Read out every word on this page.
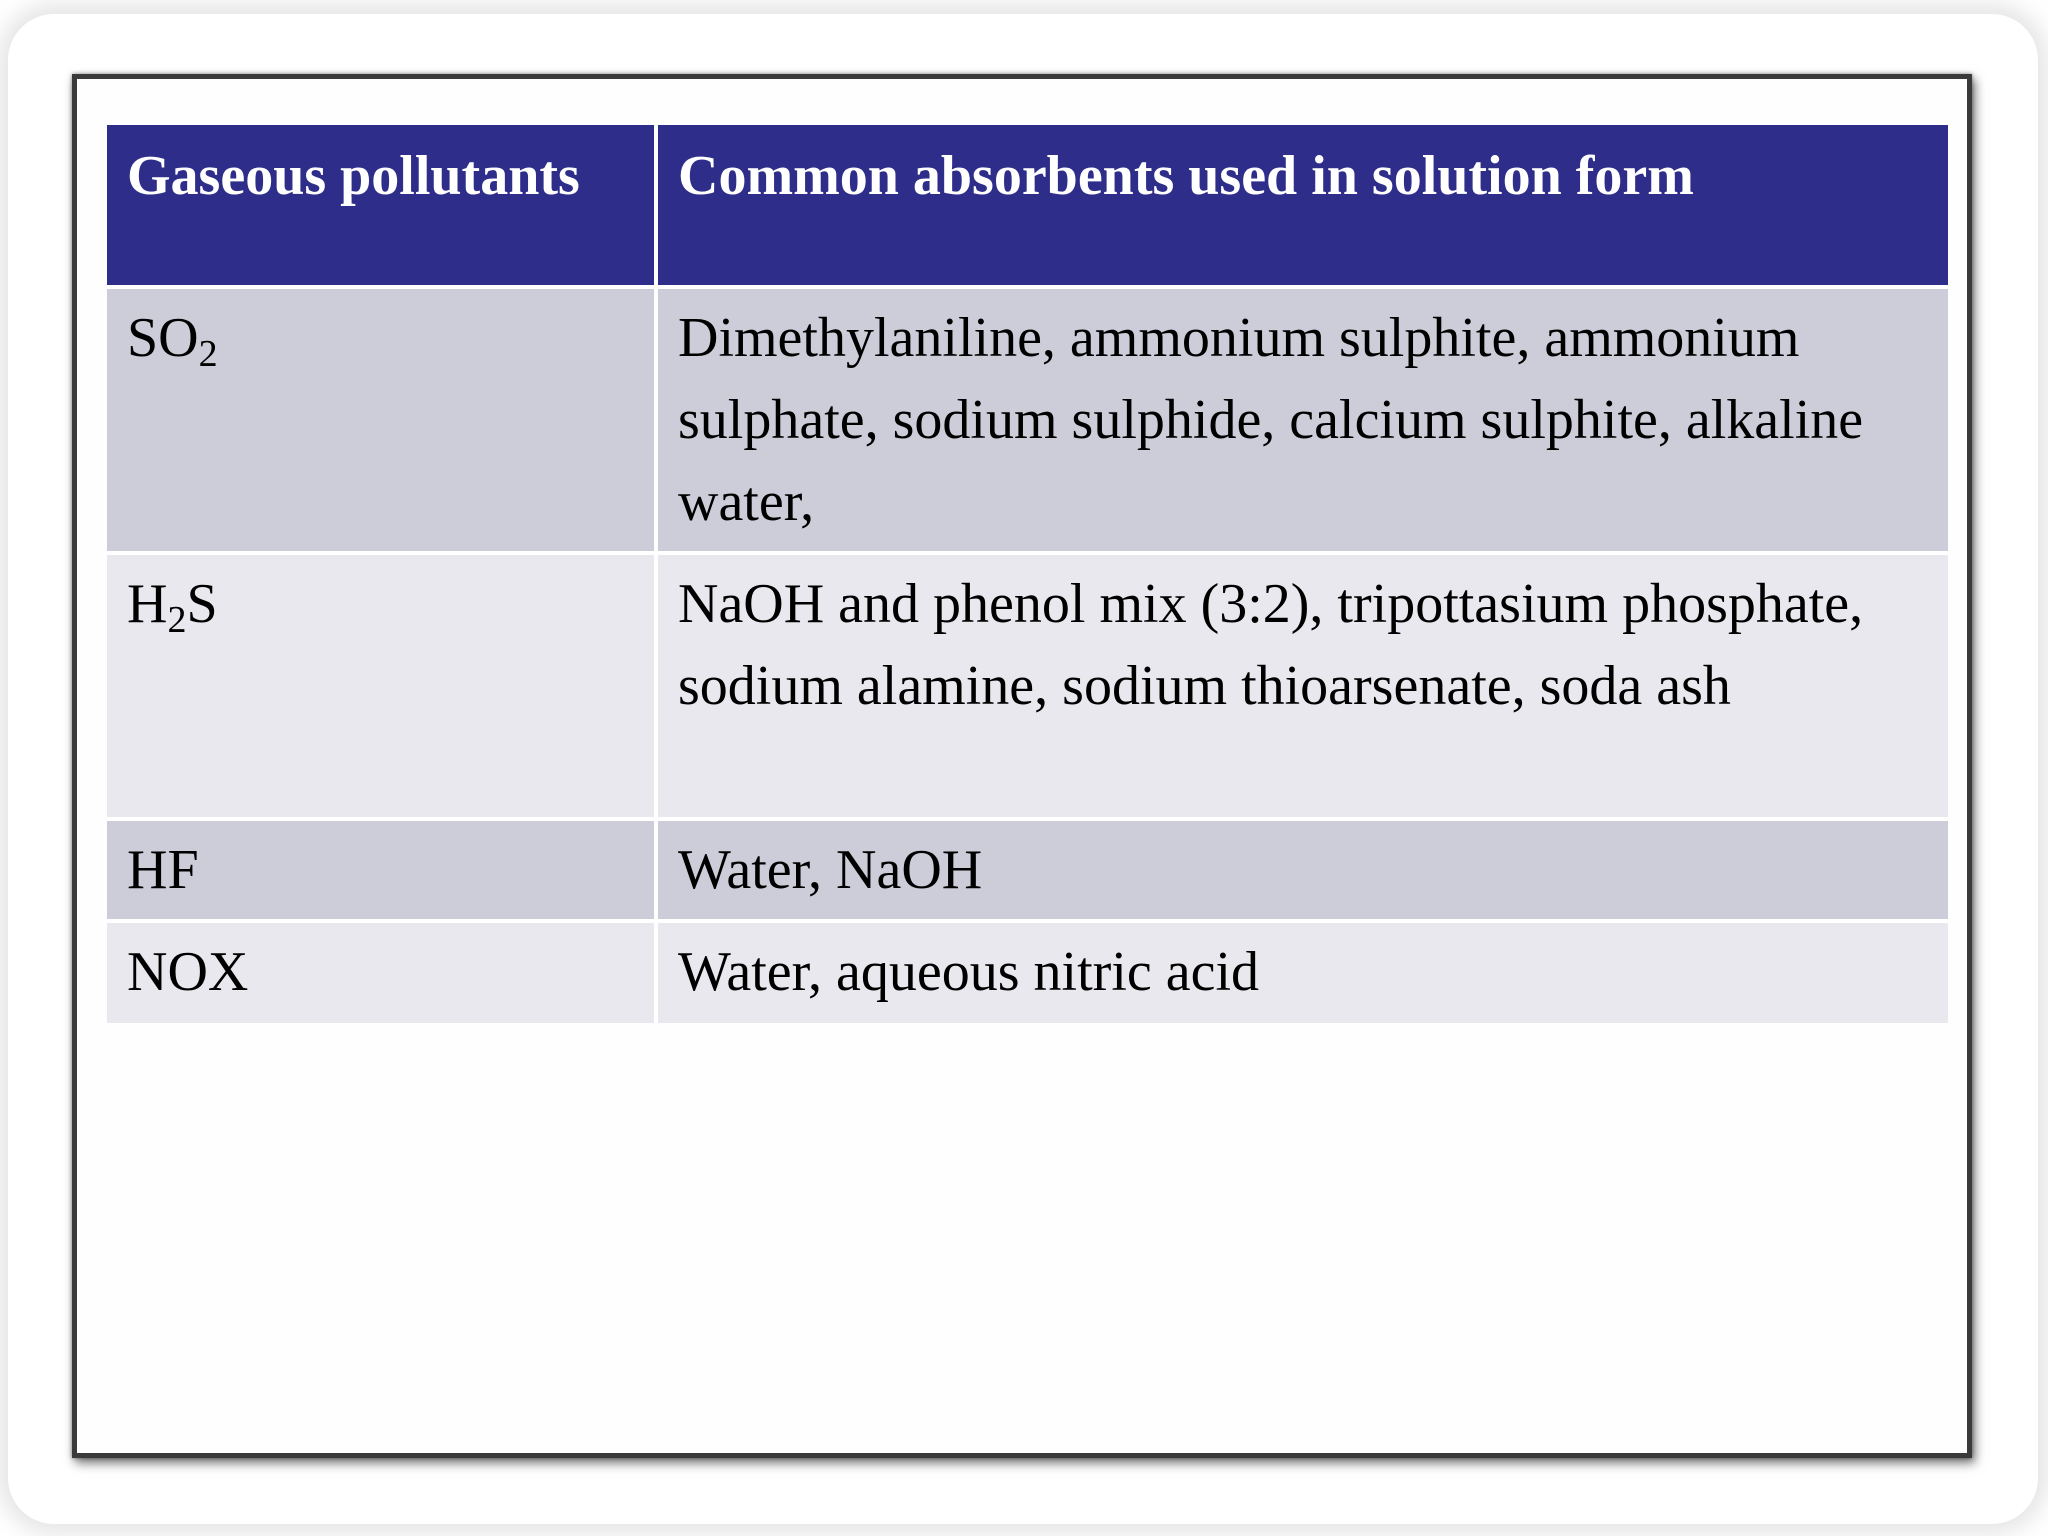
Gaseous pollutants	Common absorbents used in solution form
$SO_2$	Dimethylaniline, ammonium sulphite, ammonium sulphate, sodium sulphide, calcium sulphite, alkaline water,
$H_2S$	NaOH and phenol mix (3:2), tripottasium phosphate, sodium alamine, sodium thioarsenate, soda ash
HF	Water, NaOH
NOX	Water, aqueous nitric acid
